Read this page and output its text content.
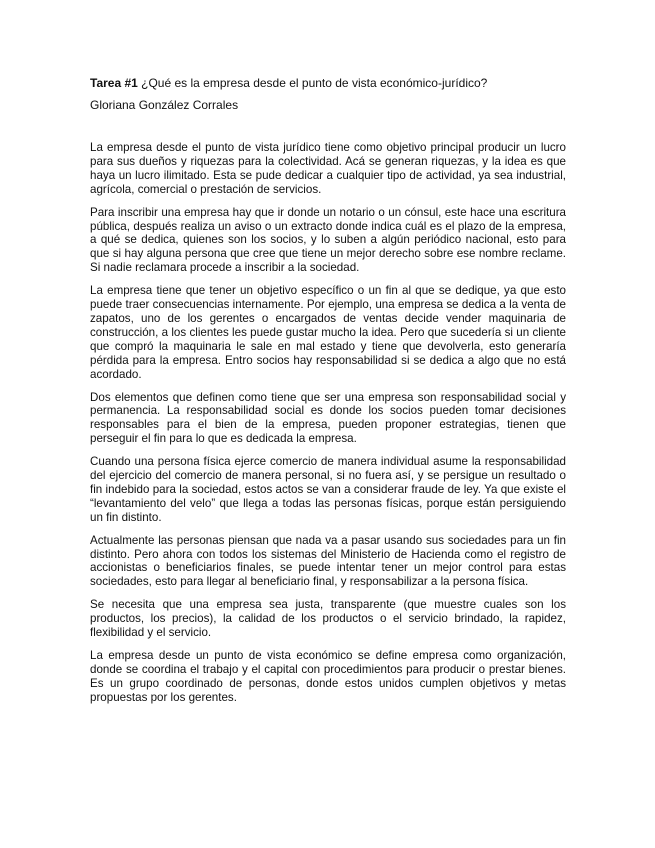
Tarea #1 ¿Qué es la empresa desde el punto de vista económico-jurídico?

Gloriana González Corrales

La empresa desde el punto de vista jurídico tiene como objetivo principal producir un lucro para sus dueños y riquezas para la colectividad. Acá se generan riquezas, y la idea es que haya un lucro ilimitado. Esta se pude dedicar a cualquier tipo de actividad, ya sea industrial, agrícola, comercial o prestación de servicios.

Para inscribir una empresa hay que ir donde un notario o un cónsul, este hace una escritura pública, después realiza un aviso o un extracto donde indica cuál es el plazo de la empresa, a qué se dedica, quienes son los socios, y lo suben a algún periódico nacional, esto para que si hay alguna persona que cree que tiene un mejor derecho sobre ese nombre reclame. Si nadie reclamara procede a inscribir a la sociedad.

La empresa tiene que tener un objetivo específico o un fin al que se dedique, ya que esto puede traer consecuencias internamente. Por ejemplo, una empresa se dedica a la venta de zapatos, uno de los gerentes o encargados de ventas decide vender maquinaria de construcción, a los clientes les puede gustar mucho la idea. Pero que sucedería si un cliente que compró la maquinaria le sale en mal estado y tiene que devolverla, esto generaría pérdida para la empresa. Entro socios hay responsabilidad si se dedica a algo que no está acordado.

Dos elementos que definen como tiene que ser una empresa son responsabilidad social y permanencia. La responsabilidad social es donde los socios pueden tomar decisiones responsables para el bien de la empresa, pueden proponer estrategias, tienen que perseguir el fin para lo que es dedicada la empresa.

Cuando una persona física ejerce comercio de manera individual asume la responsabilidad del ejercicio del comercio de manera personal, si no fuera así, y se persigue un resultado o fin indebido para la sociedad, estos actos se van a considerar fraude de ley. Ya que existe el “levantamiento del velo” que llega a todas las personas físicas, porque están persiguiendo un fin distinto.

Actualmente las personas piensan que nada va a pasar usando sus sociedades para un fin distinto. Pero ahora con todos los sistemas del Ministerio de Hacienda como el registro de accionistas o beneficiarios finales, se puede intentar tener un mejor control para estas sociedades, esto para llegar al beneficiario final, y responsabilizar a la persona física.

Se necesita que una empresa sea justa, transparente (que muestre cuales son los productos, los precios), la calidad de los productos o el servicio brindado, la rapidez, flexibilidad y el servicio.

La empresa desde un punto de vista económico se define empresa como organización, donde se coordina el trabajo y el capital con procedimientos para producir o prestar bienes. Es un grupo coordinado de personas, donde estos unidos cumplen objetivos y metas propuestas por los gerentes.
